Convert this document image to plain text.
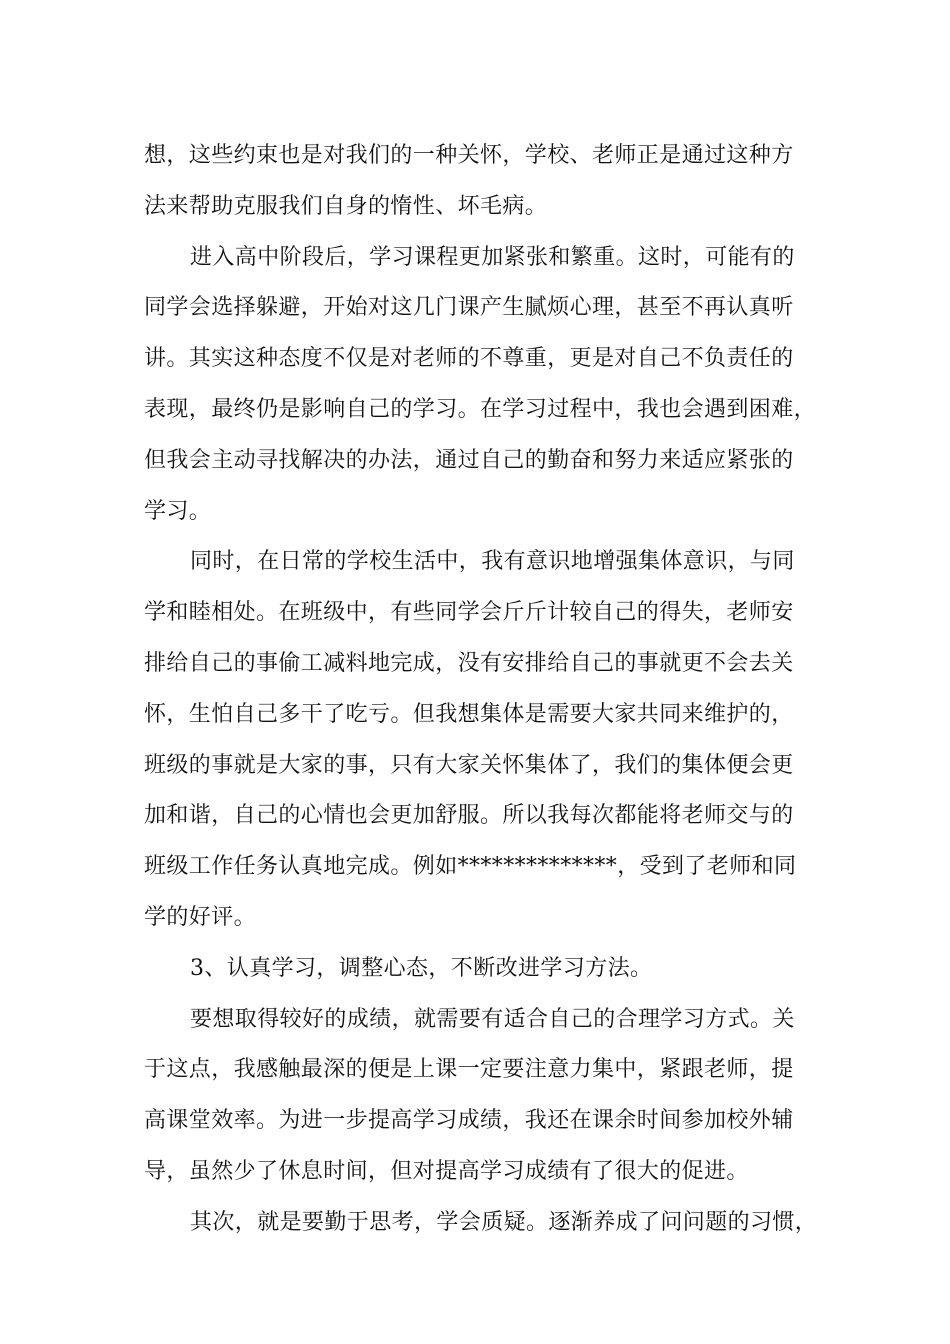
想，这些约束也是对我们的一种关怀，学校、老师正是通过这种方
法来帮助克服我们自身的惰性、坏毛病。
进入高中阶段后，学习课程更加紧张和繁重。这时，可能有的
同学会选择躲避，开始对这几门课产生腻烦心理，甚至不再认真听
讲。其实这种态度不仅是对老师的不尊重，更是对自己不负责任的
表现，最终仍是影响自己的学习。在学习过程中，我也会遇到困难，
但我会主动寻找解决的办法，通过自己的勤奋和努力来适应紧张的
学习。
同时，在日常的学校生活中，我有意识地增强集体意识，与同
学和睦相处。在班级中，有些同学会斤斤计较自己的得失，老师安
排给自己的事偷工减料地完成，没有安排给自己的事就更不会去关
怀，生怕自己多干了吃亏。但我想集体是需要大家共同来维护的，
班级的事就是大家的事，只有大家关怀集体了，我们的集体便会更
加和谐，自己的心情也会更加舒服。所以我每次都能将老师交与的
班级工作任务认真地完成。例如**************，受到了老师和同
学的好评。
3、认真学习，调整心态，不断改进学习方法。
要想取得较好的成绩，就需要有适合自己的合理学习方式。关
于这点，我感触最深的便是上课一定要注意力集中，紧跟老师，提
高课堂效率。为进一步提高学习成绩，我还在课余时间参加校外辅
导，虽然少了休息时间，但对提高学习成绩有了很大的促进。
其次，就是要勤于思考，学会质疑。逐渐养成了问问题的习惯，
